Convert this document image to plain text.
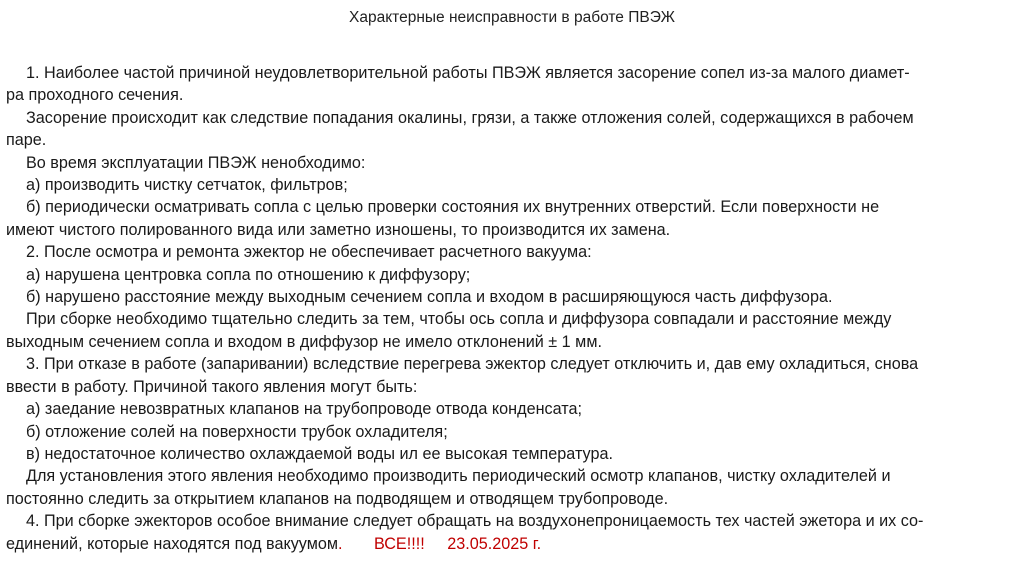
Характерные неисправности в работе ПВЭЖ
1. Наиболее частой причиной неудовлетворительной работы ПВЭЖ является засорение сопел из-за малого диамет-
ра проходного сечения.
Засорение происходит как следствие попадания окалины, грязи, а также отложения солей, содержащихся в рабочем
паре.
Во время эксплуатации ПВЭЖ ненобходимо:
а) производить чистку сетчаток, фильтров;
б) периодически осматривать сопла с целью проверки состояния их внутренних отверстий. Если поверхности не
имеют чистого полированного вида или заметно изношены, то производится их замена.
2. После осмотра и ремонта эжектор не обеспечивает расчетного вакуума:
а) нарушена центровка сопла по отношению к диффузору;
б) нарушено расстояние между выходным сечением сопла и входом в расширяющуюся часть диффузора.
При сборке необходимо тщательно следить за тем, чтобы ось сопла и диффузора совпадали и расстояние между
выходным сечением сопла и входом в диффузор не имело отклонений ± 1 мм.
3. При отказе в работе (запаривании) вследствие перегрева эжектор следует отключить и, дав ему охладиться, снова
ввести в работу. Причиной такого явления могут быть:
а) заедание невозвратных клапанов на трубопроводе отвода конденсата;
б) отложение солей на поверхности трубок охладителя;
в) недостаточное количество охлаждаемой воды ил ее высокая температура.
Для установления этого явления необходимо производить периодический осмотр клапанов, чистку охладителей и
постоянно следить за открытием клапанов на подводящем и отводящем трубопроводе.
4. При сборке эжекторов особое внимание следует обращать на воздухонепроницаемость тех частей эжетора и их со-
единений, которые находятся под вакуумом.       ВСЕ!!!!     23.05.2025 г.
